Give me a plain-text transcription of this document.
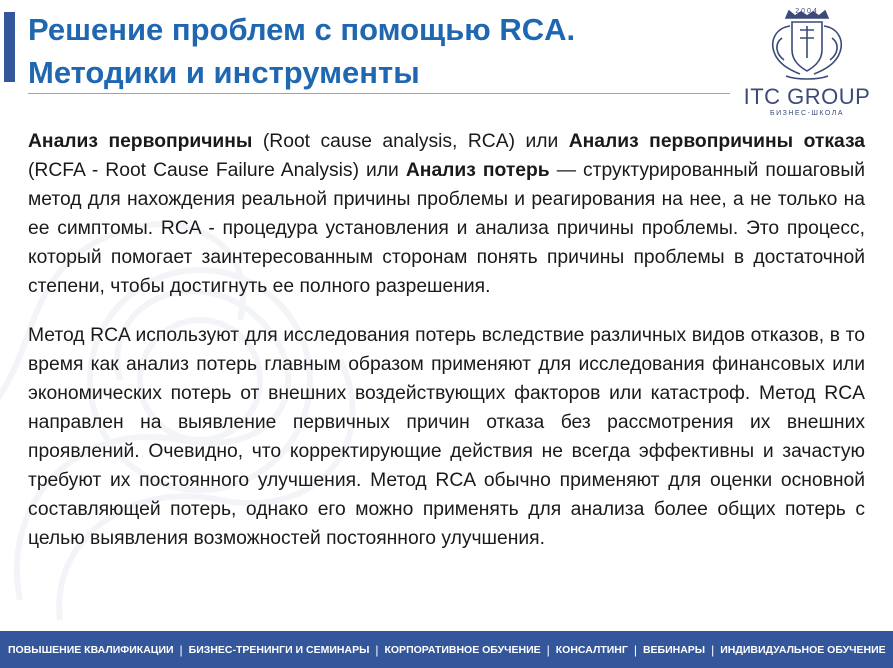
Решение проблем с помощью RCA.
Методики и инструменты
2004
ITC GROUP
БИЗНЕС-ШКОЛА

Анализ первопричины (Root cause analysis, RCA) или Анализ первопричины отказа (RCFA - Root Cause Failure Analysis) или Анализ потерь — структурированный пошаговый метод для нахождения реальной причины проблемы и реагирования на нее, а не только на ее симптомы. RCA - процедура установления и анализа причины проблемы. Это процесс, который помогает заинтересованным сторонам понять причины проблемы в достаточной степени, чтобы достигнуть ее полного разрешения.

Метод RCA используют для исследования потерь вследствие различных видов отказов, в то время как анализ потерь главным образом применяют для исследования финансовых или экономических потерь от внешних воздействующих факторов или катастроф. Метод RCA направлен на выявление первичных причин отказа без рассмотрения их внешних проявлений. Очевидно, что корректирующие действия не всегда эффективны и зачастую требуют их постоянного улучшения. Метод RCA обычно применяют для оценки основной составляющей потерь, однако его можно применять для анализа более общих потерь с целью выявления возможностей постоянного улучшения.

ПОВЫШЕНИЕ КВАЛИФИКАЦИИ | БИЗНЕС-ТРЕНИНГИ И СЕМИНАРЫ | КОРПОРАТИВНОЕ ОБУЧЕНИЕ | КОНСАЛТИНГ | ВЕБИНАРЫ | ИНДИВИДУАЛЬНОЕ ОБУЧЕНИЕ
